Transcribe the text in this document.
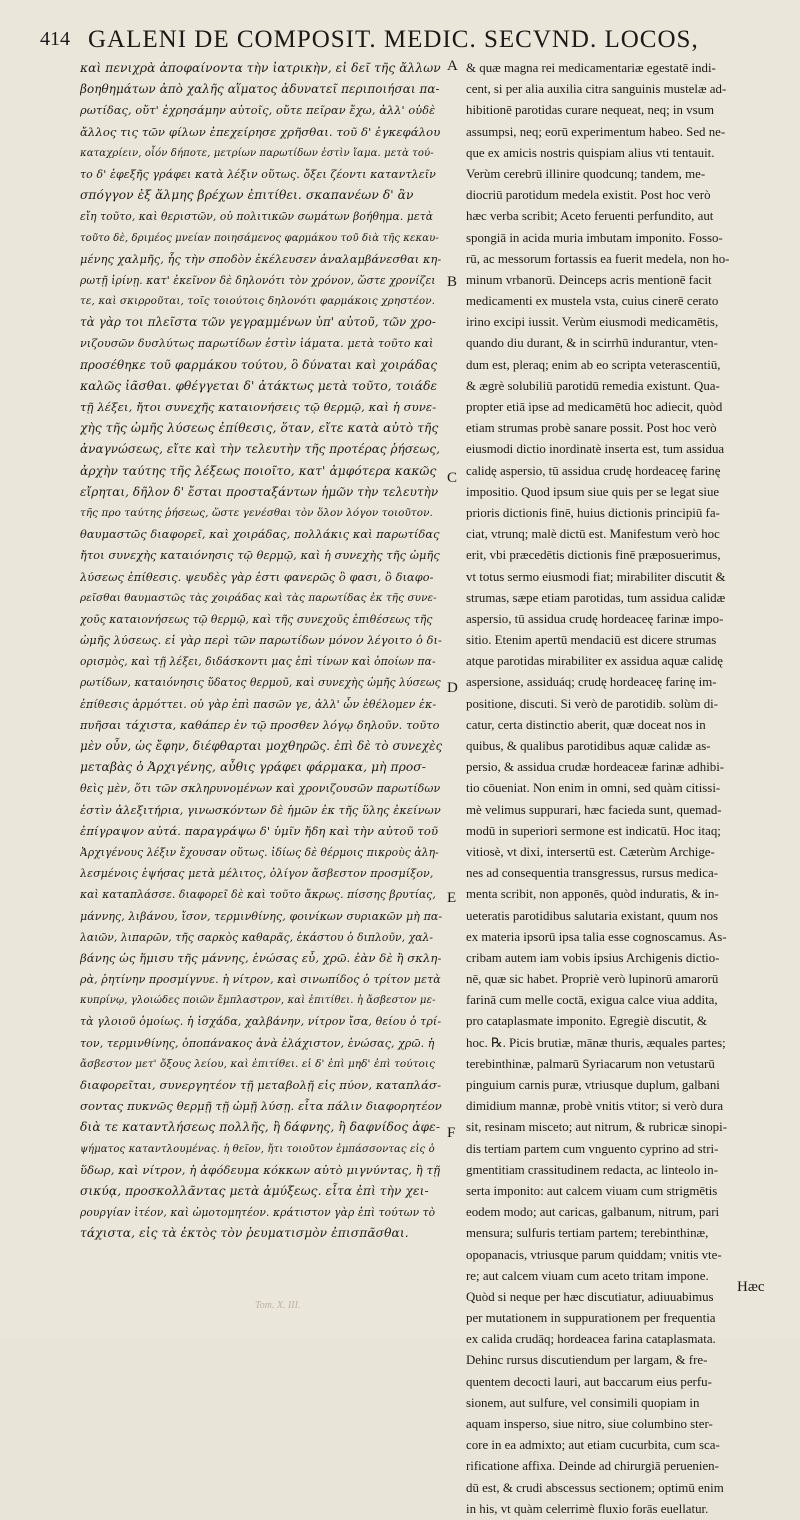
414 GALENI DE COMPOSIT. MEDIC. SECVND. LOCOS,
καὶ πενιχρὰ ἀποφαίνοντα τὴν ἰατρικὴν, εἰ δεῖ τῆς ἄλλων
βοηθημάτων ἀπὸ χαλῆς αἵματος ἀδυνατεῖ περιποιήσαι πα-
ρωτίδας, οὔτ' ἐχρησάμην αὐτοῖς, οὔτε πεῖραν ἔχω, ἀλλ' οὐδὲ
ἄλλος τις τῶν φίλων ἐπεχείρησε χρῆσθαι. τοῦ δ' ἐγκεφάλου
καταχρίειν, οἷόν δήποτε, μετρίων παρωτίδων ἐστὶν ἴαμα. μετὰ τού-
το δ' ἐφεξῆς γράφει κατὰ λέξιν οὕτως. ὄξει ζέοντι καταντλεῖν
σπόγγον ἐξ ἅλμης βρέχων ἐπιτίθει. σκαπανέων δ' ἂν
εἴη τοῦτο, καὶ θεριστῶν, οὐ πολιτικῶν σωμάτων βοήθημα. μετὰ
τοῦτο δὲ, δριμέος μνείαν ποιησάμενος φαρμάκου τοῦ διὰ τῆς κεκαυ-
μένης χαλμῆς, ἧς τὴν σποδὸν ἐκέλευσεν ἀναλαμβάνεσθαι κη-
ρωτῇ ἰρίνῃ. κατ' ἐκεῖνον δὲ δηλονότι τὸν χρόνον, ὥστε χρονίζει
τε, καὶ σκιρροῦται, τοῖς τοιούτοις δηλονότι φαρμάκοις χρηστέον.
τὰ γὰρ τοι πλεῖστα τῶν γεγραμμένων ὑπ' αὐτοῦ, τῶν χρο-
νιζουσῶν δυσλύτως παρωτίδων ἐστὶν ἰάματα. μετὰ τοῦτο καὶ
προσέθηκε τοῦ φαρμάκου τούτου, ὃ δύναται καὶ χοιράδας
καλῶς ἰᾶσθαι. φθέγγεται δ' ἀτάκτως μετὰ τοῦτο, τοιάδε
τῇ λέξει, ἤτοι συνεχῆς καταιονήσεις τῷ θερμῷ, καὶ ἡ συνε-
χὴς τῆς ὠμῆς λύσεως ἐπίθεσις, ὅταν, εἴτε κατὰ αὐτὸ τῆς
ἀναγνώσεως, εἴτε καὶ τὴν τελευτὴν τῆς προτέρας ῥήσεως,
ἀρχὴν ταύτης τῆς λέξεως ποιοῖτο, κατ' ἀμφότερα κακῶς
εἴρηται, δῆλον δ' ἔσται προσταξάντων ἡμῶν τὴν τελευτὴν
τῆς προ ταύτης ῥήσεως, ὥστε γενέσθαι τὸν ὅλον λόγον τοιοῦτον.
θαυμαστῶς διαφορεῖ, καὶ χοιράδας, πολλάκις καὶ παρωτίδας
ἤτοι συνεχὴς καταιόνησις τῷ θερμῷ, καὶ ἡ συνεχὴς τῆς ὠμῆς
λύσεως ἐπίθεσις. ψευδὲς γὰρ ἐστι φανερῶς ὃ φασι, ὃ διαφο-
ρεῖσθαι θαυμαστῶς τὰς χοιράδας καὶ τὰς παρωτίδας ἐκ τῆς συνε-
χοῦς καταιονήσεως τῷ θερμῷ, καὶ τῆς συνεχοῦς ἐπιθέσεως τῆς
ὠμῆς λύσεως. εἰ γὰρ περὶ τῶν παρωτίδων μόνον λέγοιτο ὁ δι-
ορισμὸς, καὶ τῇ λέξει, διδάσκοντι μας ἐπὶ τίνων καὶ ὁποίων πα-
ρωτίδων, καταιόνησις ὕδατος θερμοῦ, καὶ συνεχὴς ὠμῆς λύσεως
ἐπίθεσις ἁρμόττει. οὐ γὰρ ἐπὶ πασῶν γε, ἀλλ' ὧν ἐθέλομεν ἐκ-
πυῆσαι τάχιστα, καθάπερ ἐν τῷ προσθεν λόγῳ δηλοῦν. τοῦτο
μὲν οὖν, ὡς ἔφην, διέφθαρται μοχθηρῶς. ἐπὶ δὲ τὸ συνεχὲς
μεταβὰς ὁ Ἀρχιγένης, αὖθις γράφει φάρμακα, μὴ προσ-
θεὶς μὲν, ὅτι τῶν σκληρυνομένων καὶ χρονιζουσῶν παρωτίδων
ἐστὶν ἀλεξιτήρια, γινωσκόντων δὲ ἡμῶν ἐκ τῆς ὕλης ἐκείνων
ἐπίγραψον αὐτά. παραγράψω δ' ὑμῖν ἤδη καὶ τὴν αὐτοῦ τοῦ
Ἀρχιγένους λέξιν ἔχουσαν οὕτως. ἰδίως δὲ θέρμοις πικροὺς ἀλη-
λεσμένοις ἑψήσας μετὰ μέλιτος, ὀλίγον ἄσβεστον προσμίξον,
καὶ καταπλάσσε. διαφορεῖ δὲ καὶ τοῦτο ἄκρως. πίσσης βρυτίας,
μάννης, λιβάνου, ἴσον, τερμινθίνης, φοινίκων συριακῶν μὴ πα-
λαιῶν, λιπαρῶν, τῆς σαρκὸς καθαρᾶς, ἑκάστου ὁ διπλοῦν, χαλ-
βάνης ὡς ἥμισυ τῆς μάννης, ἑνώσας εὖ, χρῶ. ἐὰν δὲ ἢ σκλη-
ρὰ, ῥητίνην προσμίγνυε. ἡ νίτρον, καὶ σινωπίδος ὁ τρίτον μετὰ
κυπρίνῳ, γλοιώδες ποιῶν ἔμπλαστρον, καὶ ἐπιτίθει. ἡ ἄσβεστον με-
τὰ γλοιοῦ ὁμοίως. ἡ ἰσχάδα, χαλβάνην, νίτρον ἴσα, θείου ὁ τρί-
τον, τερμινθίνης, ὀποπάνακος ἀνὰ ἐλάχιστον, ἑνώσας, χρῶ. ἡ
ἄσβεστον μετ' ὄξους λείου, καὶ ἐπιτίθει. εἰ δ' ἐπὶ μηδ' ἐπὶ τούτοις
διαφορεῖται, συνεργητέον τῇ μεταβολῇ εἰς πύον, καταπλάσ-
σοντας πυκνῶς θερμῇ τῇ ὠμῇ λύσῃ. εἶτα πάλιν διαφορητέον
διὰ τε καταντλήσεως πολλῆς, ἢ δάφνης, ἢ δαφνίδος ἀφε-
ψήματος καταντλουμένας. ἡ θεῖον, ἤτι τοιοῦτον ἐμπάσσοντας εἰς ὁ
ὕδωρ, καὶ νίτρον, ἡ ἀφόδευμα κόκκων αὐτὸ μιγνύντας, ἢ τῇ
σικύᾳ, προσκολλᾶντας μετὰ ἀμύξεως. εἶτα ἐπὶ τὴν χει-
ρουργίαν ἰτέον, καὶ ὠμοτομητέον. κράτιστον γὰρ ἐπὶ τούτων τὸ
τάχιστα, εἰς τὰ ἐκτὸς τὸν ῥευματισμὸν ἐπισπᾶσθαι.
A
B
C
D
E
F
& quæ magna rei medicamentariæ egestatē indi-
cent, si per alia auxilia citra sanguinis mustelæ ad-
hibitionē parotidas curare nequeat, neq; in vsum
assumpsi, neq; eorū experimentum habeo. Sed ne-
que ex amicis nostris quispiam alius vti tentauit.
Verùm cerebrū illinire quodcunq; tandem, me-
diocriū parotidum medela existit. Post hoc verò
hæc verba scribit; Aceto feruenti perfundito, aut
spongiā in acida muria imbutam imponito. Fosso-
rū, ac messorum fortassis ea fuerit medela, non ho-
minum vrbanorū. Deinceps acris mentionē facit
medicamenti ex mustela vsta, cuius cinerē cerato
irino excipi iussit. Verùm eiusmodi medicamētis,
quando diu durant, & in scirrhū indurantur, vten-
dum est, pleraq; enim ab eo scripta veterascentiū,
& ægrè solubiliū parotidū remedia existunt. Qua-
propter etiā ipse ad medicamētū hoc adiecit, quòd
etiam strumas probè sanare possit. Post hoc verò
eiusmodi dictio inordinatè inserta est, tum assidua
calidę aspersio, tū assidua crudę hordeaceę farinę
impositio. Quod ipsum siue quis per se legat siue
prioris dictionis finē, huius dictionis principiū fa-
ciat, vtrunq; malè dictū est. Manifestum verò hoc
erit, vbi præcedētis dictionis finē præposuerimus,
vt totus sermo eiusmodi fiat; mirabiliter discutit &
strumas, sæpe etiam parotidas, tum assidua calidæ
aspersio, tū assidua crudę hordeaceę farinæ impo-
sitio. Etenim apertū mendaciū est dicere strumas
atque parotidas mirabiliter ex assidua aquæ calidę
aspersione, assiduáq; crudę hordeaceę farinę im-
positione, discuti. Si verò de parotidib. solùm di-
catur, certa distinctio aberit, quæ doceat nos in
quibus, & qualibus parotidibus aquæ calidæ as-
persio, & assidua crudæ hordeaceæ farinæ adhibi-
tio cōueniat. Non enim in omni, sed quàm citissi-
mè velimus suppurari, hæc facieda sunt, quemad-
modū in superiori sermone est indicatū. Hoc itaq;
vitiosè, vt dixi, intersertū est. Cæterùm Archige-
nes ad consequentia transgressus, rursus medica-
menta scribit, non apponēs, quòd induratis, & in-
ueteratis parotidibus salutaria existant, quum nos
ex materia ipsorū ipsa talia esse cognoscamus. As-
cribam autem iam vobis ipsius Archigenis dictio-
nē, quæ sic habet. Propriè verò lupinorū amarorū
farinā cum melle coctā, exigua calce viua addita,
pro cataplasmate imponito. Egregiè discutit, &
hoc. ℞. Picis brutiæ, mānæ thuris, æquales partes;
terebinthinæ, palmarū Syriacarum non vetustarū
pinguium carnis puræ, vtriusque duplum, galbani
dimidium mannæ, probè vnitis vtitor; si verò dura
sit, resinam misceto; aut nitrum, & rubricæ sinopi-
dis tertiam partem cum vnguento cyprino ad stri-
gmentitiam crassitudinem redacta, ac linteolo in-
serta imponito: aut calcem viuam cum strigmētis
eodem modo; aut caricas, galbanum, nitrum, pari
mensura; sulfuris tertiam partem; terebinthinæ,
opopanacis, vtriusque parum quiddam; vnitis vte-
re; aut calcem viuam cum aceto tritam impone.
Quòd si neque per hæc discutiatur, adiuuabimus
per mutationem in suppurationem per frequentia
ex calida crudāq; hordeacea farina cataplasmata.
Dehinc rursus discutiendum per largam, & fre-
quentem decocti lauri, aut baccarum eius perfu-
sionem, aut sulfure, vel consimili quopiam in
aquam inspersο, siue nitro, siue columbino ster-
core in ea admixto; aut etiam cucurbita, cum sca-
rificatione affixa. Deinde ad chirurgiā peruenien-
dū est, & crudi abscessus sectionem; optimū enim
in his, vt quàm celerrimè fluxio forās euellatur.
Hæc
Tom. X. III.
